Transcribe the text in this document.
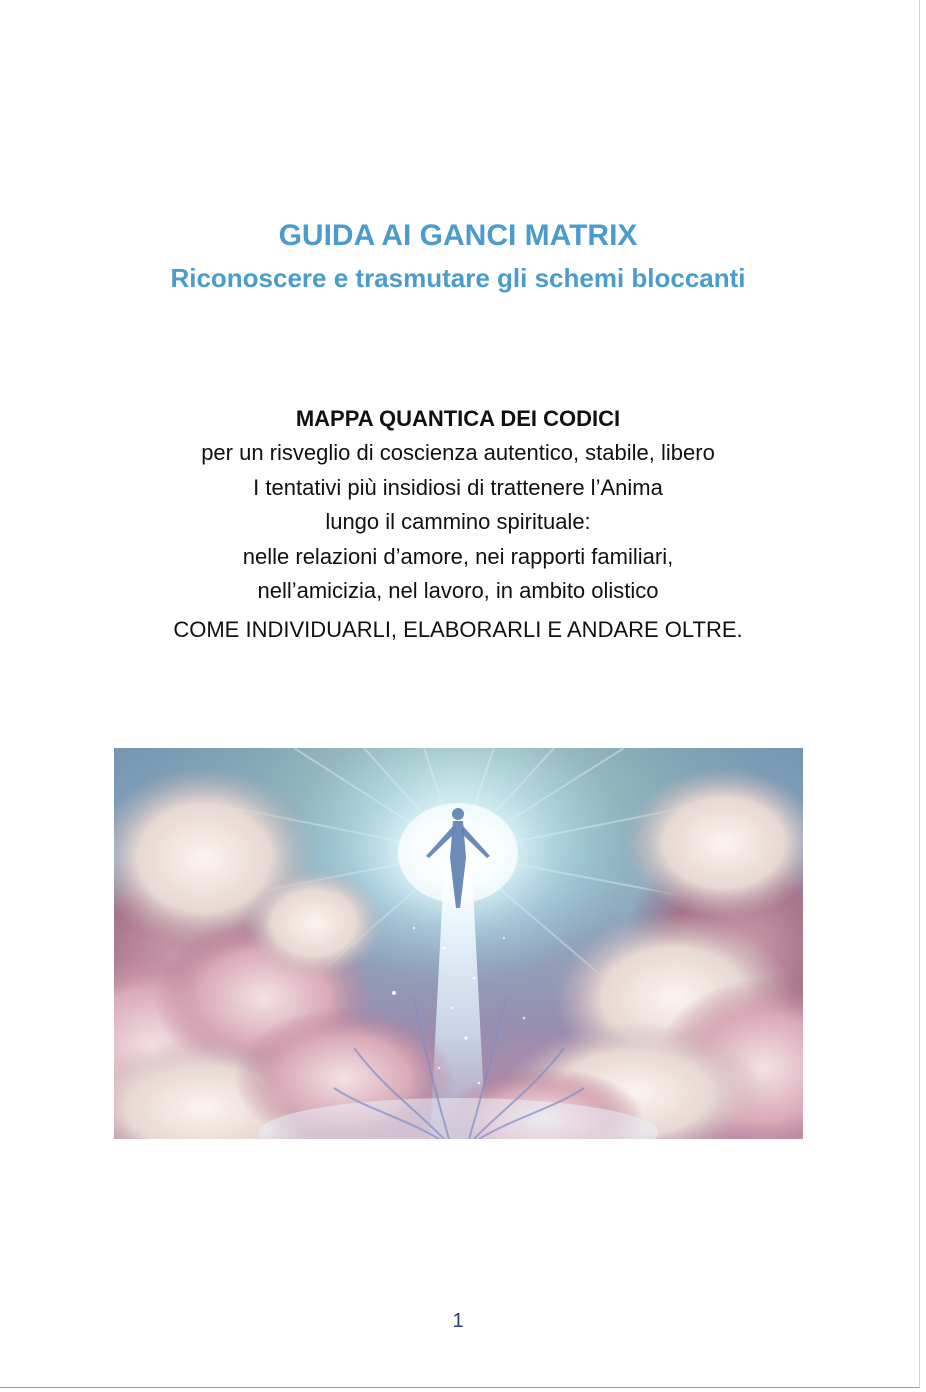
GUIDA AI GANCI MATRIX
Riconoscere e trasmutare gli schemi bloccanti
MAPPA QUANTICA DEI CODICI
per un risveglio di coscienza autentico, stabile, libero
I tentativi più insidiosi di trattenere l’Anima
lungo il cammino spirituale:
nelle relazioni d’amore, nei rapporti familiari,
nell’amicizia, nel lavoro, in ambito olistico
COME INDIVIDUARLI, ELABORARLI E ANDARE OLTRE.
1
